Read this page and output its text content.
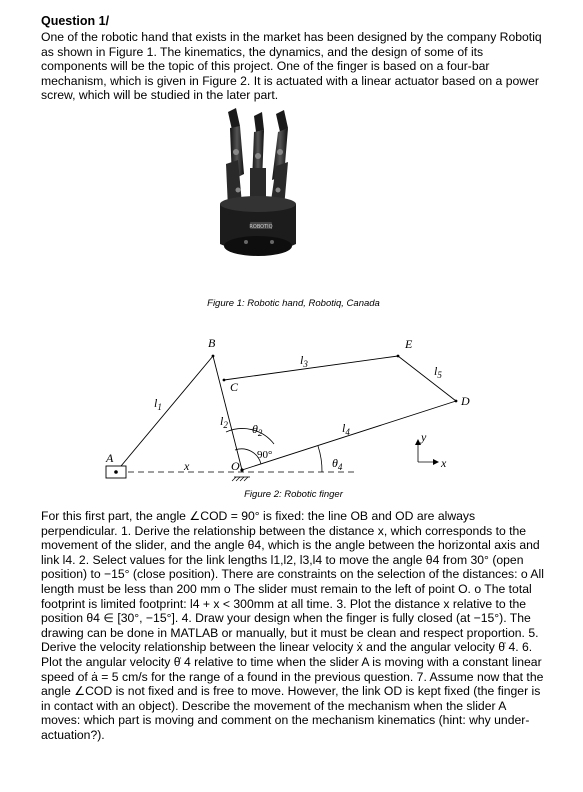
Question 1/

One of the robotic hand that exists in the market has been designed by the company Robotiq as shown in Figure 1. The kinematics, the dynamics, and the design of some of its components will be the topic of this project. One of the finger is based on a four-bar mechanism, which is given in Figure 2. It is actuated with a linear actuator based on a power screw, which will be studied in the later part.

ROBOTIQ
Figure 1: Robotic hand, Robotiq, Canada
A
B
C
D
E
O
x
$l_1$
$l_2$
$l_3$
$l_4$
$l_5$
$\theta_2$
$\theta_4$
90°
y
x
Figure 2: Robotic finger

For this first part, the angle ∠COD = 90° is fixed: the line OB and OD are always perpendicular. 1. Derive the relationship between the distance x, which corresponds to the movement of the slider, and the angle θ4, which is the angle between the horizontal axis and link l4. 2. Select values for the link lengths l1,l2, l3,l4 to move the angle θ4 from 30° (open position) to −15° (close position). There are constraints on the selection of the distances: o All length must be less than 200 mm o The slider must remain to the left of point O. o The total footprint is limited footprint: l4 + x < 300mm at all time. 3. Plot the distance x relative to the position θ4 ∈ [30°, −15°]. 4. Draw your design when the finger is fully closed (at −15°). The drawing can be done in MATLAB or manually, but it must be clean and respect proportion. 5. Derive the velocity relationship between the linear velocity ẋ and the angular velocity θ̇ 4. 6. Plot the angular velocity θ̇ 4 relative to time when the slider A is moving with a constant linear speed of ȧ = 5 cm/s for the range of a found in the previous question. 7. Assume now that the angle ∠COD is not fixed and is free to move. However, the link OD is kept fixed (the finger is in contact with an object). Describe the movement of the mechanism when the slider A moves: which part is moving and comment on the mechanism kinematics (hint: why under-actuation?).
